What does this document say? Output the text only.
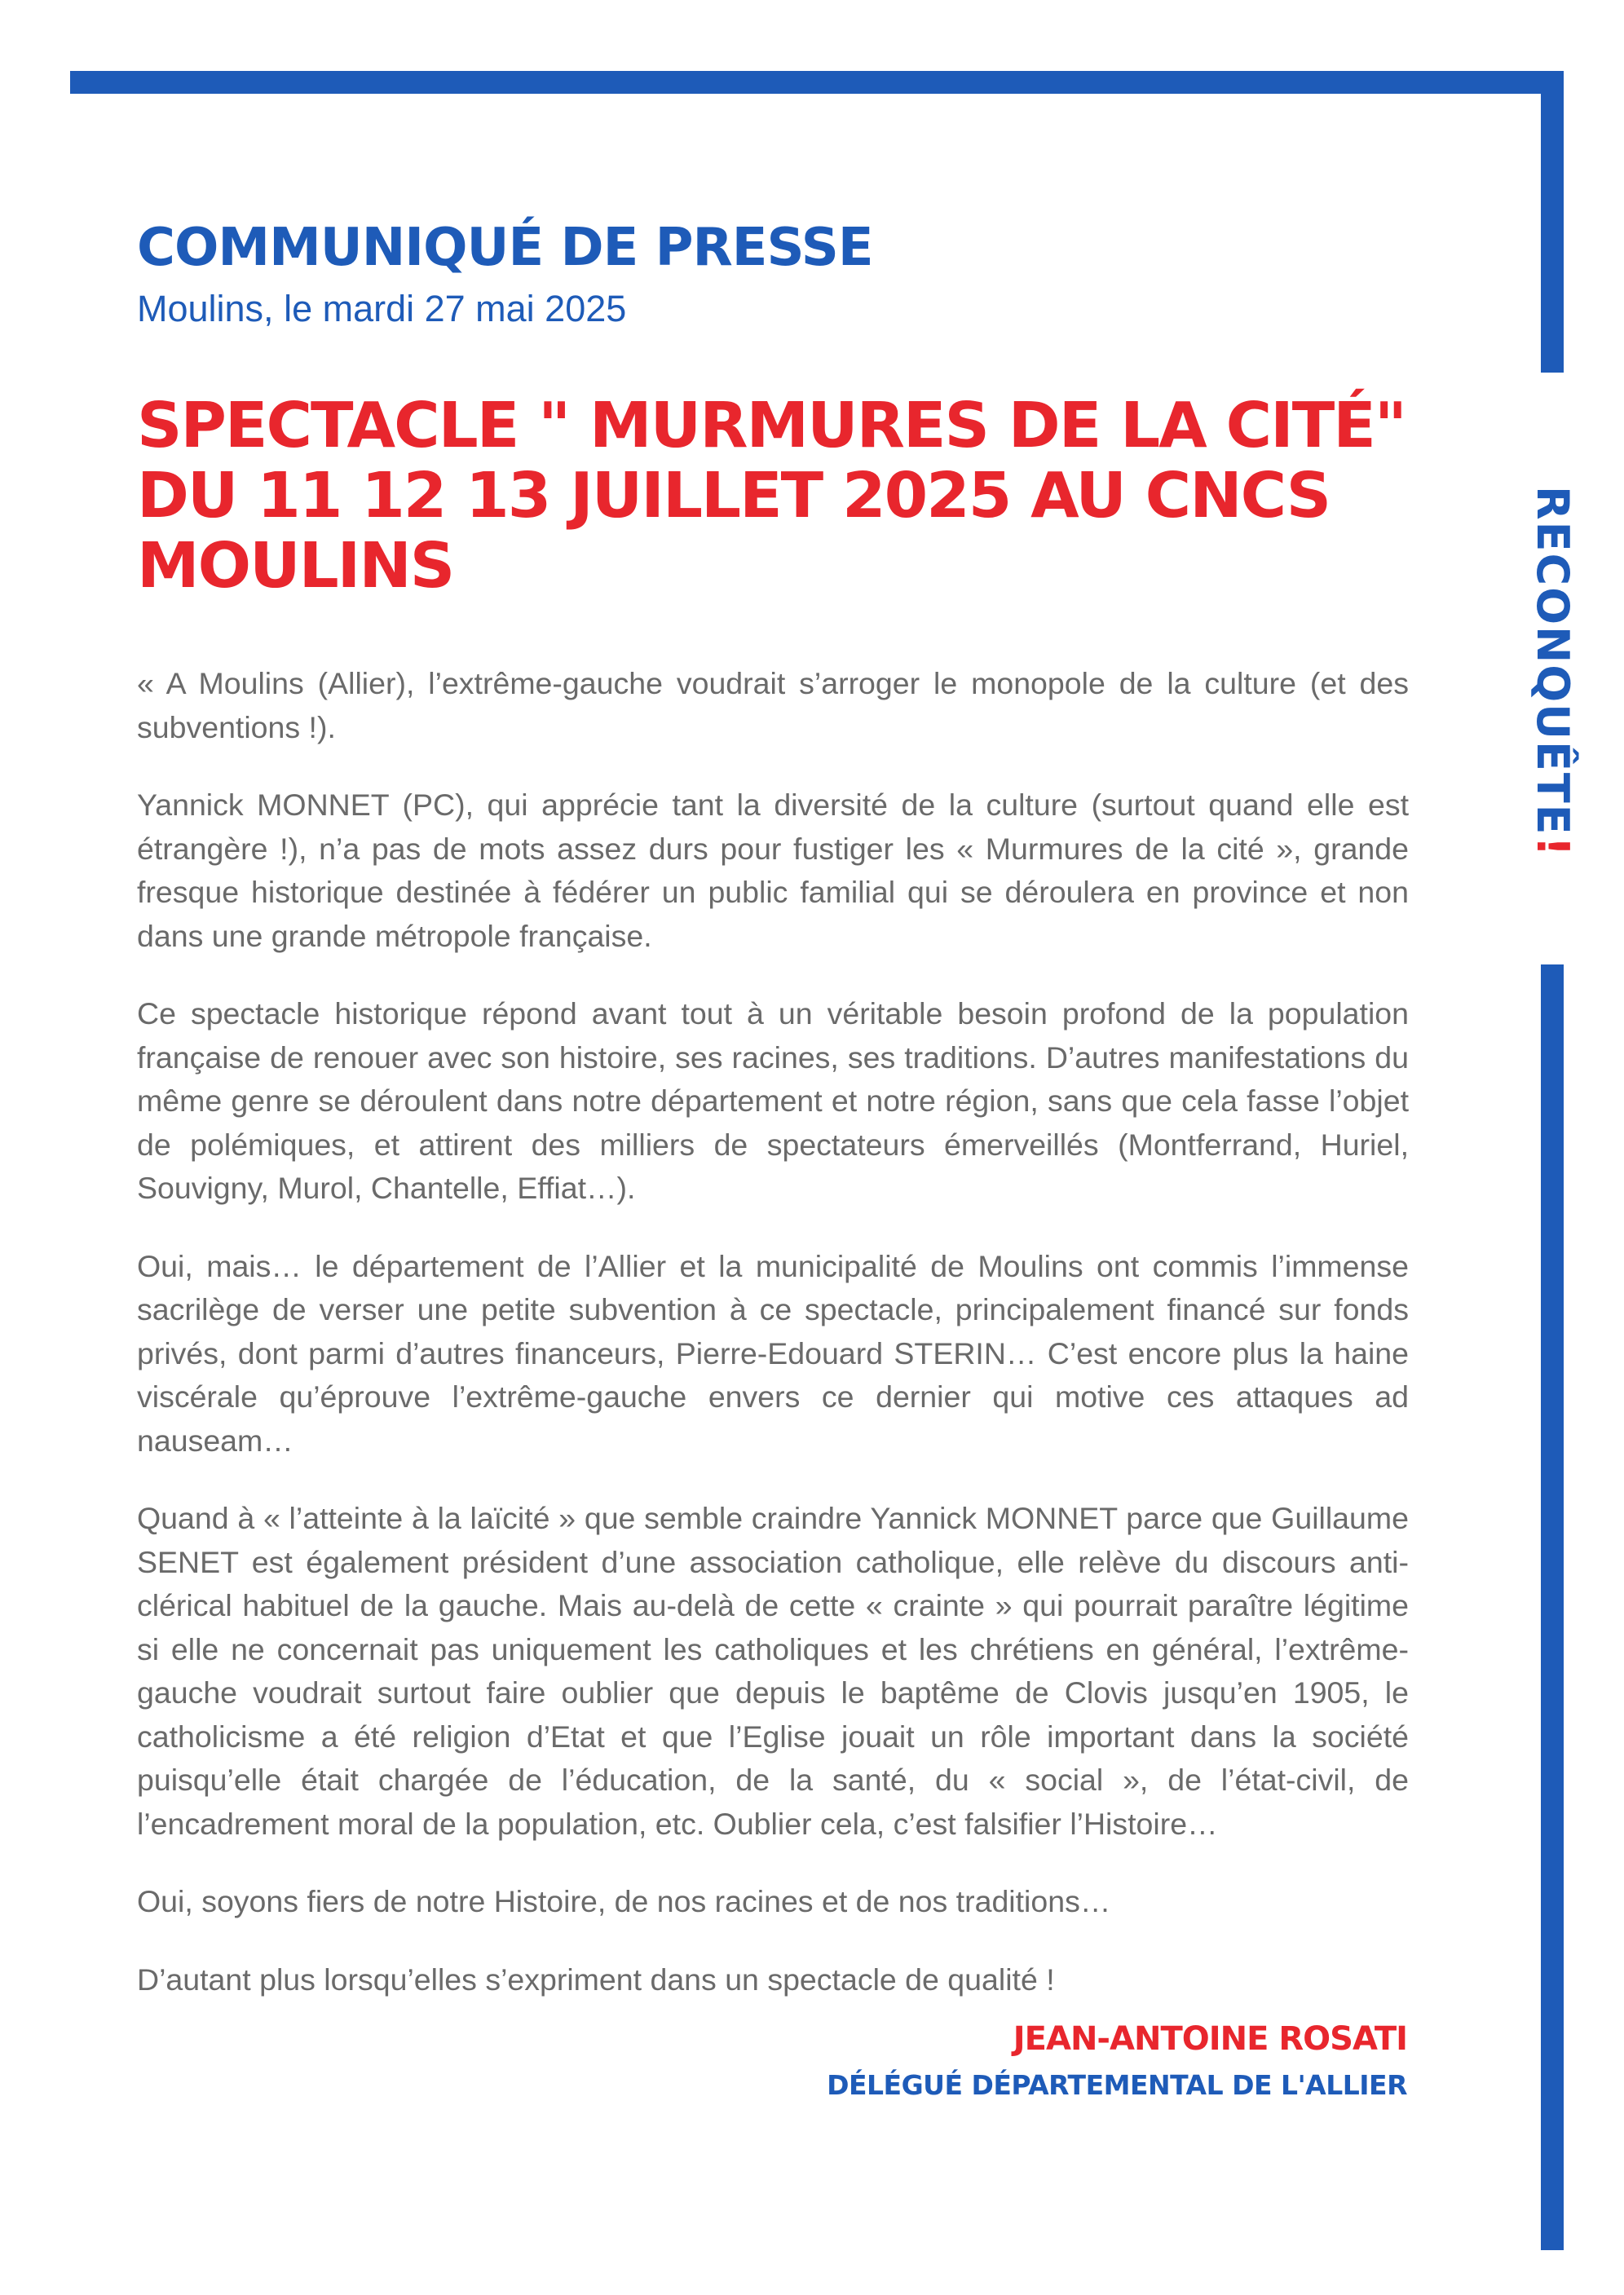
RECONQUÊTE!
COMMUNIQUÉ DE PRESSE
Moulins, le mardi 27 mai 2025
SPECTACLE " MURMURES DE LA CITÉ" DU 11 12 13 JUILLET 2025 AU CNCS MOULINS

« A Moulins (Allier), l’extrême-gauche voudrait s’arroger le monopole de la culture (et des subventions !).

Yannick MONNET (PC), qui apprécie tant la diversité de la culture (surtout quand elle est étrangère !), n’a pas de mots assez durs pour fustiger les « Murmures de la cité », grande fresque historique destinée à fédérer un public familial qui se déroulera en province et non dans une grande métropole française.

Ce spectacle historique répond avant tout à un véritable besoin profond de la population française de renouer avec son histoire, ses racines, ses traditions. D’autres manifestations du même genre se déroulent dans notre département et notre région, sans que cela fasse l’objet de polémiques, et attirent des milliers de spectateurs émerveillés (Montferrand, Huriel, Souvigny, Murol, Chantelle, Effiat…).

Oui, mais… le département de l’Allier et la municipalité de Moulins ont commis l’immense sacrilège de verser une petite subvention à ce spectacle, principalement financé sur fonds privés, dont parmi d’autres financeurs, Pierre-Edouard STERIN… C’est encore plus la haine viscérale qu’éprouve l’extrême-gauche envers ce dernier qui motive ces attaques ad nauseam…

Quand à « l’atteinte à la laïcité » que semble craindre Yannick MONNET parce que Guillaume SENET est également président d’une association catholique, elle relève du discours anti-clérical habituel de la gauche. Mais au-delà de cette « crainte » qui pourrait paraître légitime si elle ne concernait pas uniquement les catholiques et les chrétiens en général, l’extrême-gauche voudrait surtout faire oublier que depuis le baptême de Clovis jusqu’en 1905, le catholicisme a été religion d’Etat et que l’Eglise jouait un rôle important dans la société puisqu’elle était chargée de l’éducation, de la santé, du « social », de l’état-civil, de l’encadrement moral de la population, etc. Oublier cela, c’est falsifier l’Histoire…

Oui, soyons fiers de notre Histoire, de nos racines et de nos traditions…

D’autant plus lorsqu’elles s’expriment dans un spectacle de qualité !

JEAN-ANTOINE ROSATI
DÉLÉGUÉ DÉPARTEMENTAL DE L'ALLIER
